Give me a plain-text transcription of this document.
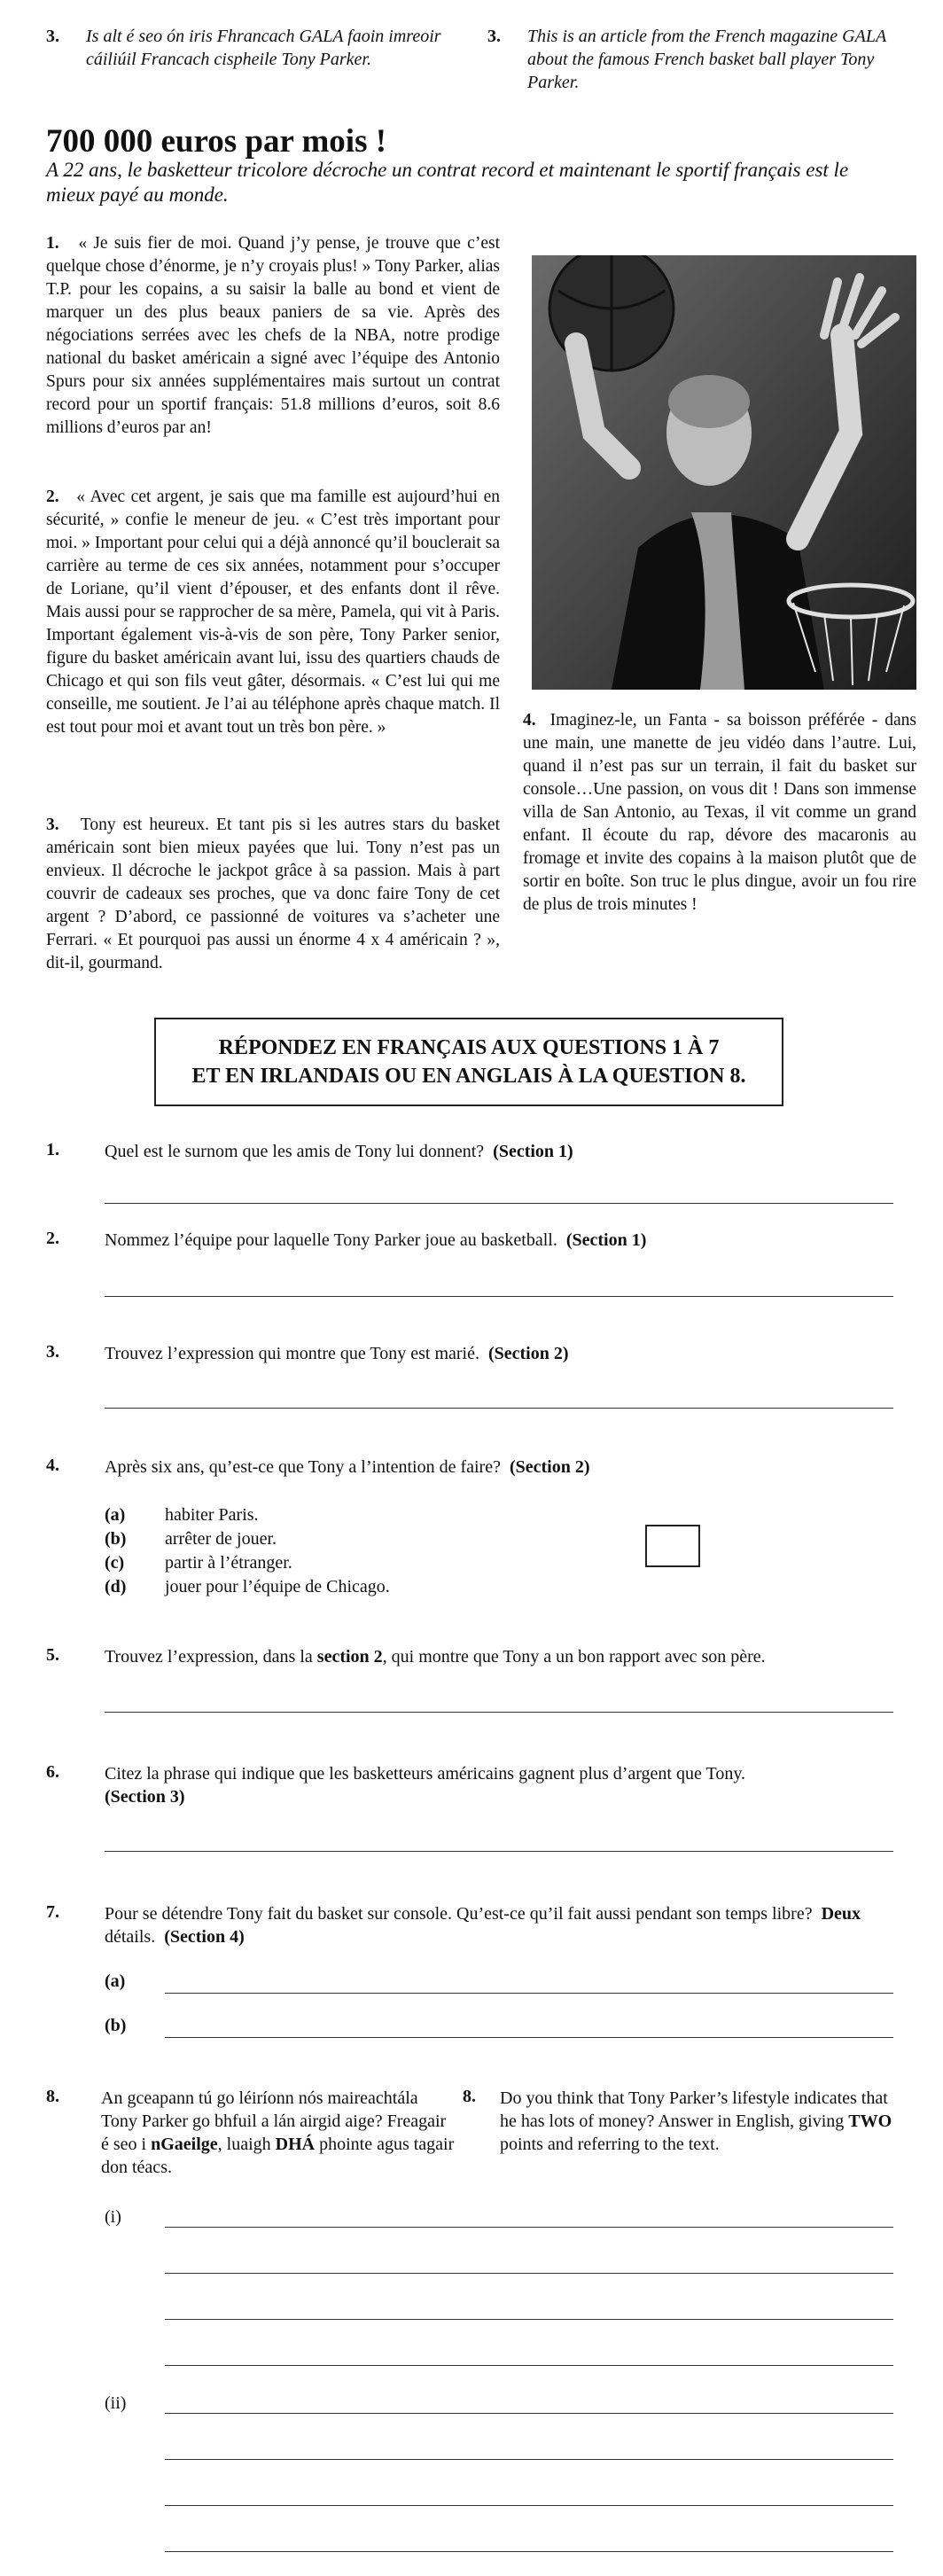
3. Is alt é seo ón iris Fhrancach GALA faoin imreoir cáiliúil Francach cispheile Tony Parker.
3. This is an article from the French magazine GALA about the famous French basket ball player Tony Parker.
700 000 euros par mois !
A 22 ans, le basketteur tricolore décroche un contrat record et maintenant le sportif français est le mieux payé au monde.
1. « Je suis fier de moi. Quand j’y pense, je trouve que c’est quelque chose d’énorme, je n’y croyais plus! » Tony Parker, alias T.P. pour les copains, a su saisir la balle au bond et vient de marquer un des plus beaux paniers de sa vie. Après des négociations serrées avec les chefs de la NBA, notre prodige national du basket américain a signé avec l’équipe des Antonio Spurs pour six années supplémentaires mais surtout un contrat record pour un sportif français: 51.8 millions d’euros, soit 8.6 millions d’euros par an!
2. « Avec cet argent, je sais que ma famille est aujourd’hui en sécurité, » confie le meneur de jeu. « C’est très important pour moi. » Important pour celui qui a déjà annoncé qu’il bouclerait sa carrière au terme de ces six années, notamment pour s’occuper de Loriane, qu’il vient d’épouser, et des enfants dont il rêve. Mais aussi pour se rapprocher de sa mère, Pamela, qui vit à Paris. Important également vis-à-vis de son père, Tony Parker senior, figure du basket américain avant lui, issu des quartiers chauds de Chicago et qui son fils veut gâter, désormais. « C’est lui qui me conseille, me soutient. Je l’ai au téléphone après chaque match. Il est tout pour moi et avant tout un très bon père. »	4. Imaginez-le, un Fanta - sa boisson préférée - dans une main, une manette de jeu vidéo dans l’autre. Lui, quand il n’est pas sur un terrain, il fait du basket sur console…Une passion, on vous dit ! Dans son immense villa de San Antonio, au Texas, il vit comme un grand enfant. Il écoute du rap, dévore des macaronis au fromage et invite des copains à la maison plutôt que de sortir en boîte. Son truc le plus dingue, avoir un fou rire de plus de trois minutes !
3. Tony est heureux. Et tant pis si les autres stars du basket américain sont bien mieux payées que lui. Tony n’est pas un envieux. Il décroche le jackpot grâce à sa passion. Mais à part couvrir de cadeaux ses proches, que va donc faire Tony de cet argent ? D’abord, ce passionné de voitures va s’acheter une Ferrari. « Et pourquoi pas aussi un énorme 4 x 4 américain ? », dit-il, gourmand.
RÉPONDEZ EN FRANÇAIS AUX QUESTIONS 1 À 7
ET EN IRLANDAIS OU EN ANGLAIS À LA QUESTION 8.
1.	Quel est le surnom que les amis de Tony lui donnent? (Section 1)
2.	Nommez l’équipe pour laquelle Tony Parker joue au basketball. (Section 1)
3.	Trouvez l’expression qui montre que Tony est marié. (Section 2)
4.	Après six ans, qu’est-ce que Tony a l’intention de faire? (Section 2)
(a) habiter Paris.
(b) arrêter de jouer.
(c) partir à l’étranger.
(d) jouer pour l’équipe de Chicago.
5.	Trouvez l’expression, dans la section 2, qui montre que Tony a un bon rapport avec son père.
6.	Citez la phrase qui indique que les basketteurs américains gagnent plus d’argent que Tony.
(Section 3)
7.	Pour se détendre Tony fait du basket sur console. Qu’est-ce qu’il fait aussi pendant son temps libre? Deux détails. (Section 4)
(a)
(b)
8. An gceapann tú go léiríonn nós maireachtála Tony Parker go bhfuil a lán airgid aige? Freagair é seo i nGaeilge, luaigh DHÁ phointe agus tagair don téacs.
8. Do you think that Tony Parker’s lifestyle indicates that he has lots of money? Answer in English, giving TWO points and referring to the text.
(i)
(ii)
